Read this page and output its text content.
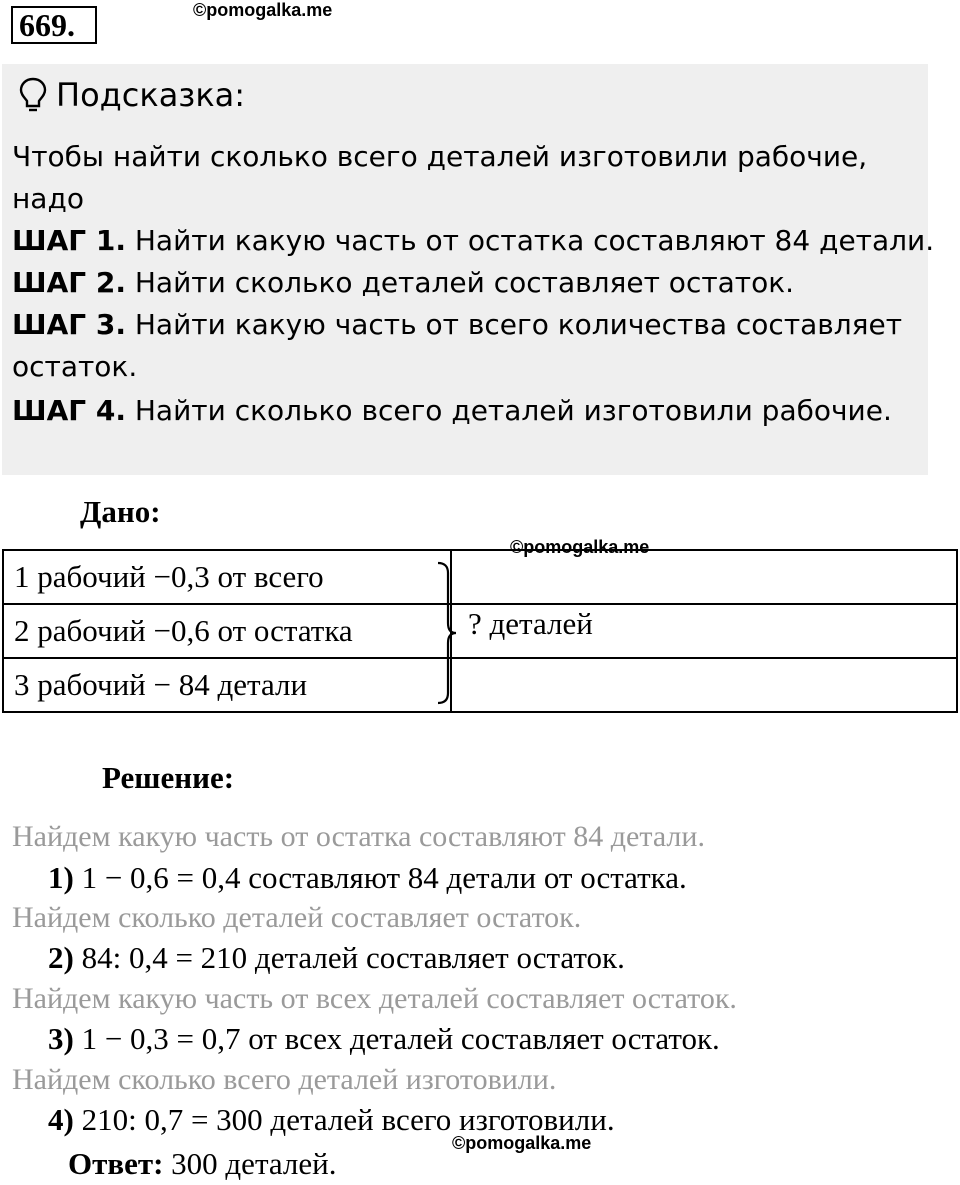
669.	©pomogalka.me
Подсказка:
Чтобы найти сколько всего деталей изготовили рабочие,
надо
ШАГ 1. Найти какую часть от остатка составляют 84 детали.
ШАГ 2. Найти сколько деталей составляет остаток.
ШАГ 3. Найти какую часть от всего количества составляет
остаток.
ШАГ 4. Найти сколько всего деталей изготовили рабочие.
Дано:
©pomogalka.me
1 рабочий −0,3 от всего	
2 рабочий −0,6 от остатка	
3 рабочий − 84 детали	
? деталей
Решение:
Найдем какую часть от остатка составляют 84 детали.
1) 1 − 0,6 = 0,4 составляют 84 детали от остатка.
Найдем сколько деталей составляет остаток.
2) 84: 0,4 = 210 деталей составляет остаток.
Найдем какую часть от всех деталей составляет остаток.
3) 1 − 0,3 = 0,7 от всех деталей составляет остаток.
Найдем сколько всего деталей изготовили.
4) 210: 0,7 = 300 деталей всего изготовили.
©pomogalka.me
Ответ: 300 деталей.
